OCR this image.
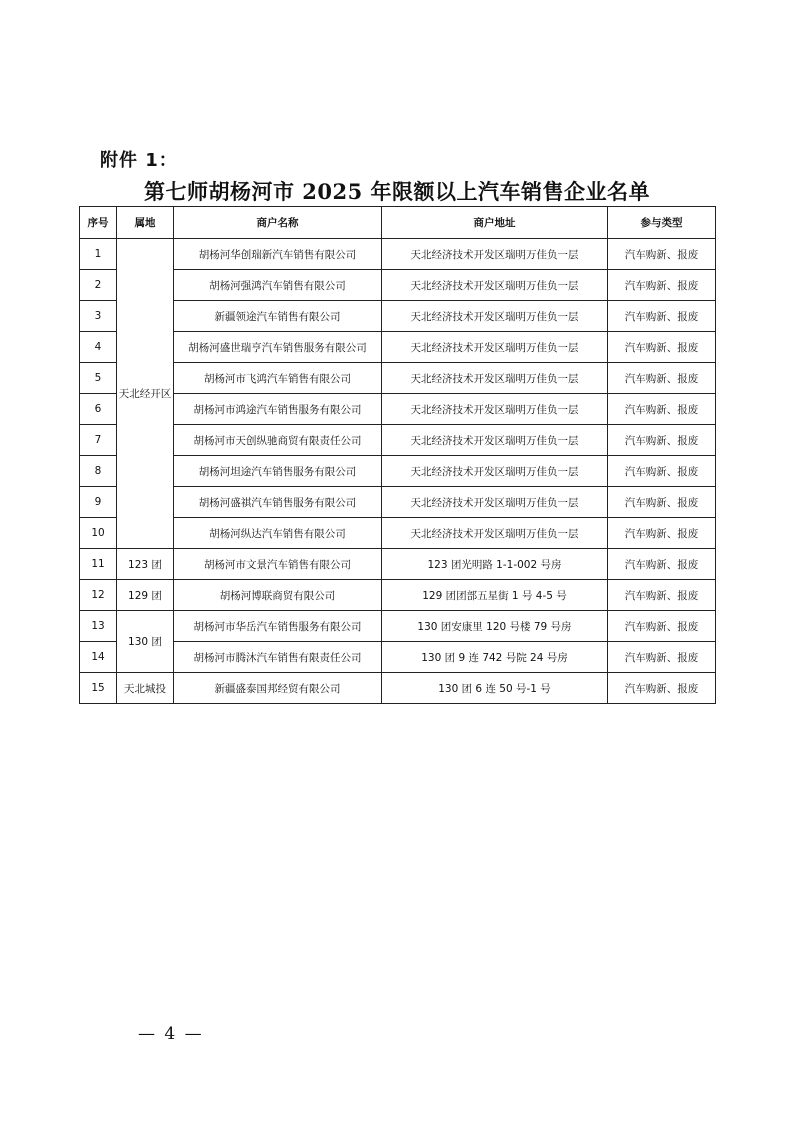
附件 1：
第七师胡杨河市 2025 年限额以上汽车销售企业名单
序号	属地	商户名称	商户地址	参与类型
1	天北经开区	胡杨河华创瑞新汽车销售有限公司	天北经济技术开发区瑞明万佳负一层	汽车购新、报废
2		胡杨河强鸿汽车销售有限公司	天北经济技术开发区瑞明万佳负一层	汽车购新、报废
3		新疆领途汽车销售有限公司	天北经济技术开发区瑞明万佳负一层	汽车购新、报废
4		胡杨河盛世瑞亨汽车销售服务有限公司	天北经济技术开发区瑞明万佳负一层	汽车购新、报废
5		胡杨河市飞鸿汽车销售有限公司	天北经济技术开发区瑞明万佳负一层	汽车购新、报废
6		胡杨河市鸿途汽车销售服务有限公司	天北经济技术开发区瑞明万佳负一层	汽车购新、报废
7		胡杨河市天创纵驰商贸有限责任公司	天北经济技术开发区瑞明万佳负一层	汽车购新、报废
8		胡杨河坦途汽车销售服务有限公司	天北经济技术开发区瑞明万佳负一层	汽车购新、报废
9		胡杨河盛祺汽车销售服务有限公司	天北经济技术开发区瑞明万佳负一层	汽车购新、报废
10		胡杨河纵达汽车销售有限公司	天北经济技术开发区瑞明万佳负一层	汽车购新、报废
11	123 团	胡杨河市文景汽车销售有限公司	123 团光明路 1-1-002 号房	汽车购新、报废
12	129 团	胡杨河博联商贸有限公司	129 团团部五星街 1 号 4-5 号	汽车购新、报废
13	130 团	胡杨河市华岳汽车销售服务有限公司	130 团安康里 120 号楼 79 号房	汽车购新、报废
14		胡杨河市腾沐汽车销售有限责任公司	130 团 9 连 742 号院 24 号房	汽车购新、报废
15	天北城投	新疆盛泰国邦经贸有限公司	130 团 6 连 50 号-1 号	汽车购新、报废
— 4 —
